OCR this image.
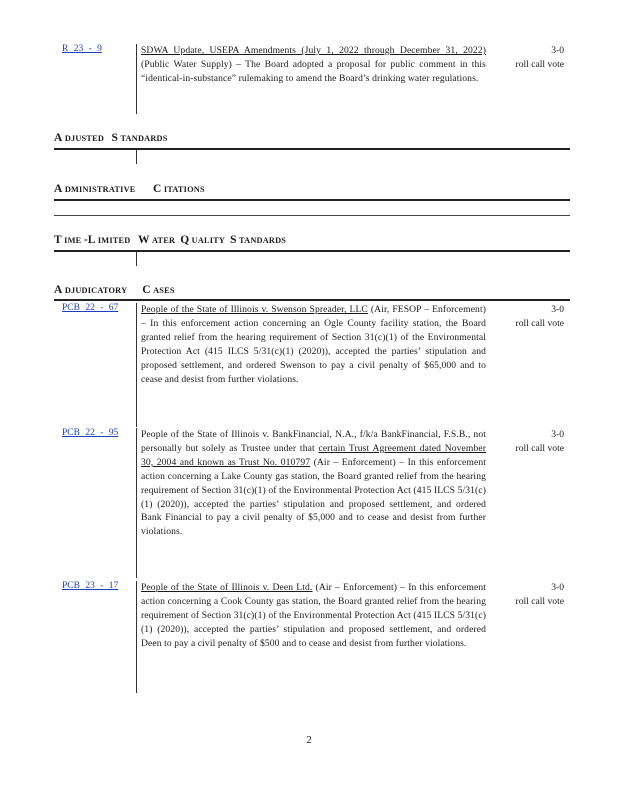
R 23 - 9	SDWA Update, USEPA Amendments (July 1, 2022 through December 31, 2022) (Public Water Supply) – The Board adopted a proposal for public comment in this “identical-in-substance” rulemaking to amend the Board’s drinking water regulations.
3-0
roll call vote
A DJUSTED S TANDARDS
A DMINISTRATIVE C ITATIONS
T IME -L IMITED W ATER Q UALITY S TANDARDS
A DJUDICATORY C ASES
PCB 22 - 67 People of the State of Illinois v. Swenson Spreader, LLC (Air, FESOP – Enforcement) – In this enforcement action concerning an Ogle County facility station, the Board granted relief from the hearing requirement of Section 31(c)(1) of the Environmental Protection Act (415 ILCS 5/31(c)(1) (2020)), accepted the parties’ stipulation and proposed settlement, and ordered Swenson to pay a civil penalty of $65,000 and to cease and desist from further violations.
3-0
roll call vote
PCB 22 - 95 People of the State of Illinois v. BankFinancial, N.A., f/k/a BankFinancial, F.S.B., not personally but solely as Trustee under that certain Trust Agreement dated November 30, 2004 and known as Trust No. 010797 (Air – Enforcement) – In this enforcement action concerning a Lake County gas station, the Board granted relief from the hearing requirement of Section 31(c)(1) of the Environmental Protection Act (415 ILCS 5/31(c)(1) (2020)), accepted the parties’ stipulation and proposed settlement, and ordered Bank Financial to pay a civil penalty of $5,000 and to cease and desist from further violations.
3-0
roll call vote
PCB 23 - 17 People of the State of Illinois v. Deen Ltd. (Air – Enforcement) – In this enforcement action concerning a Cook County gas station, the Board granted relief from the hearing requirement of Section 31(c)(1) of the Environmental Protection Act (415 ILCS 5/31(c)(1) (2020)), accepted the parties’ stipulation and proposed settlement, and ordered Deen to pay a civil penalty of $500 and to cease and desist from further violations.
3-0
roll call vote
2
